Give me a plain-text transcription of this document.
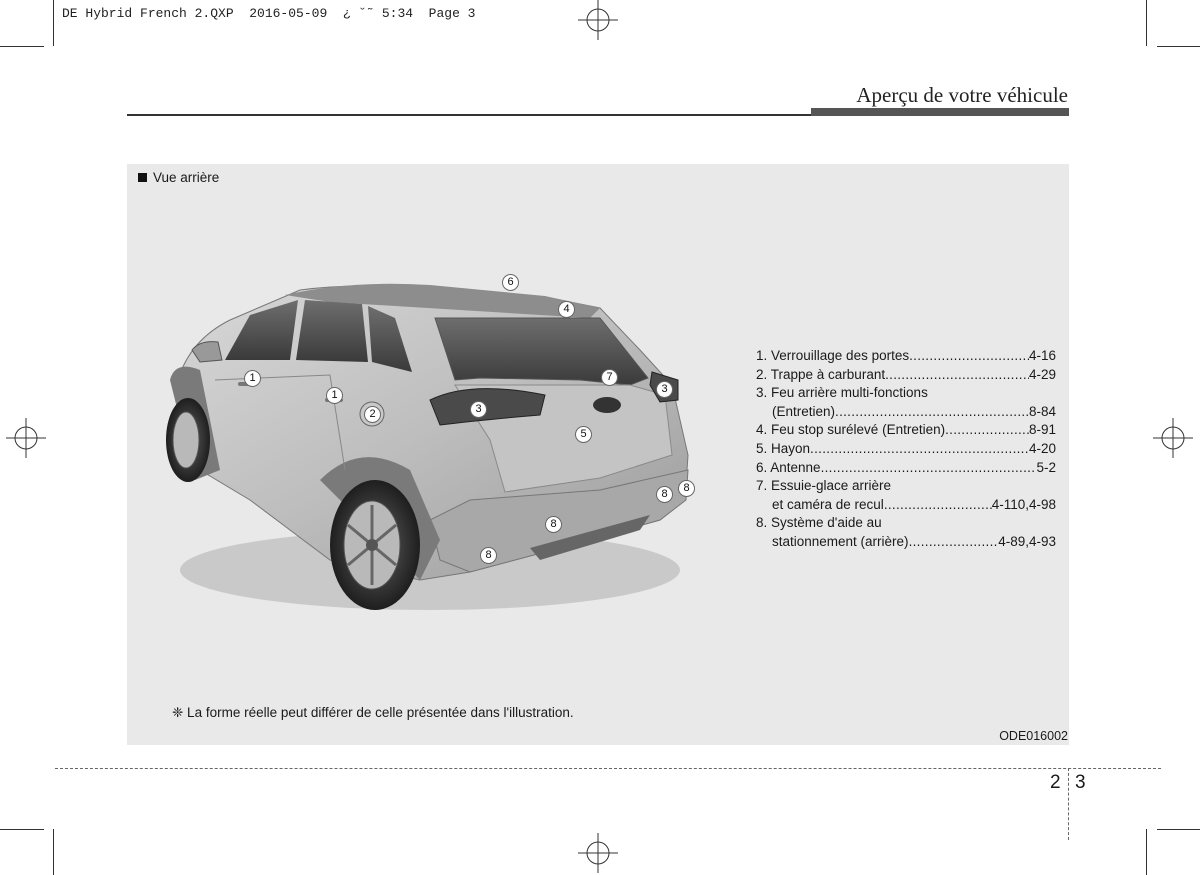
DE Hybrid French 2.QXP  2016-05-09  ¿ ˘˜ 5:34  Page 3
Aperçu de votre véhicule
Vue arrière
1
1
2	3
3
4
5
6
7
8	8
8
8
1. Verrouillage des portes .....	4-16
2. Trappe à carburant .....	4-29
3. Feu arrière multi-fonctions
(Entretien) .....	8-84
4. Feu stop surélevé (Entretien) .....	8-91
5. Hayon .....	4-20
6. Antenne .....	5-2
7. Essuie-glace arrière
et caméra de recul .....	4-110,4-98
8. Système d'aide au
stationnement (arrière) .....	4-89,4-93
❈ La forme réelle peut différer de celle présentée dans l'illustration.
ODE016002
2 3
